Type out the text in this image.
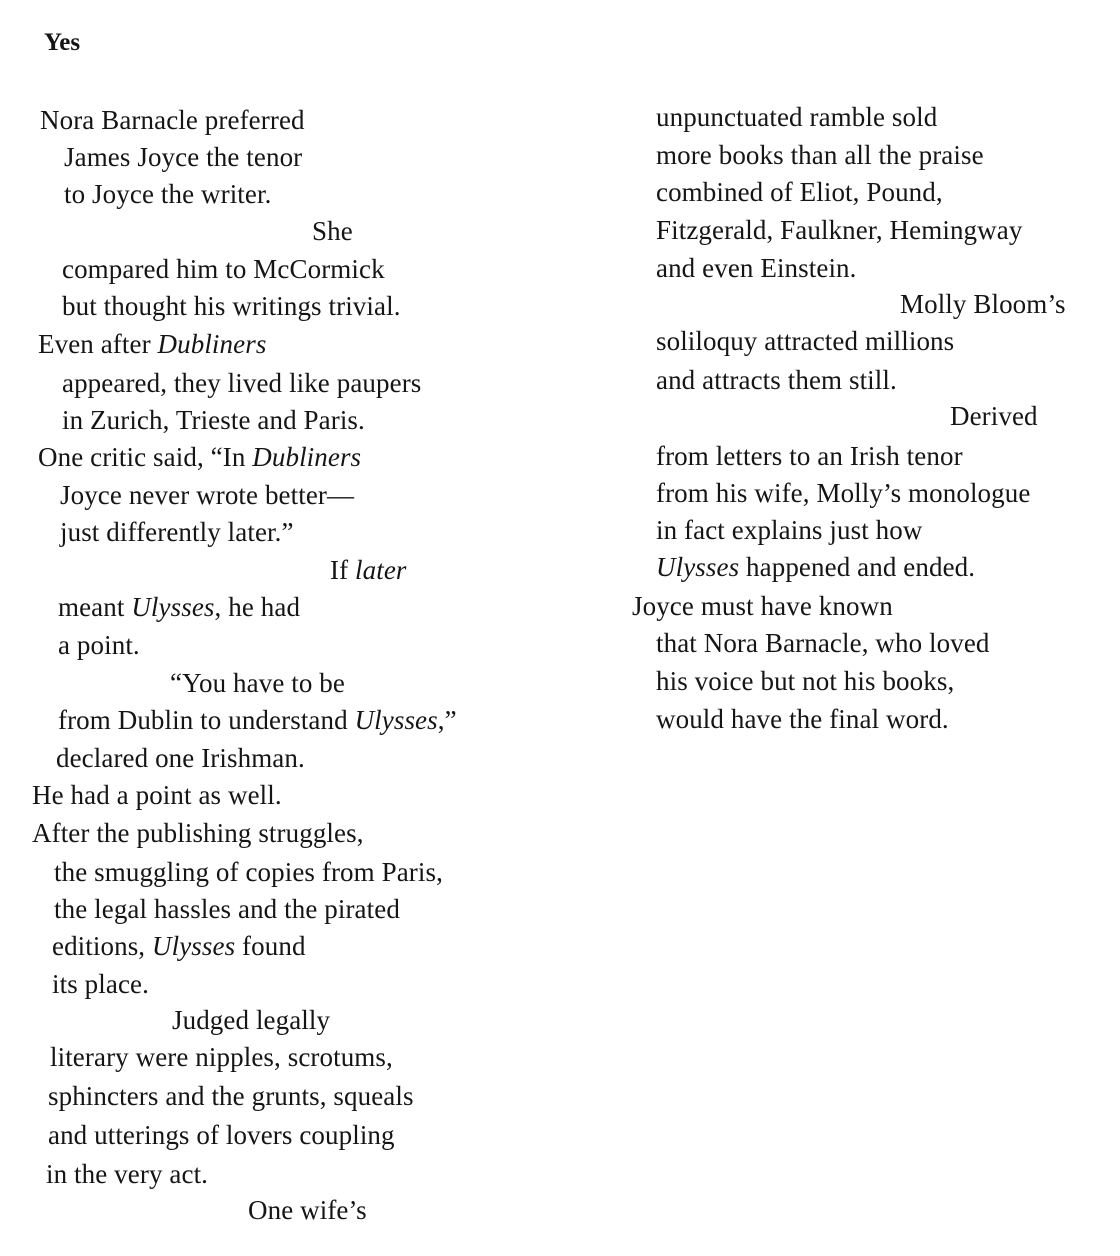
Yes
Nora Barnacle preferred
James Joyce the tenor
to Joyce the writer.
She
compared him to McCormick
but thought his writings trivial.
Even after Dubliners
appeared, they lived like paupers
in Zurich, Trieste and Paris.
One critic said, “In Dubliners
Joyce never wrote better—
just differently later.”
If later
meant Ulysses, he had
a point.
“You have to be
from Dublin to understand Ulysses,”
declared one Irishman.
He had a point as well.
After the publishing struggles,
the smuggling of copies from Paris,
the legal hassles and the pirated
editions, Ulysses found
its place.
Judged legally
literary were nipples, scrotums,
sphincters and the grunts, squeals
and utterings of lovers coupling
in the very act.
One wife’s
unpunctuated ramble sold
more books than all the praise
combined of Eliot, Pound,
Fitzgerald, Faulkner, Hemingway
and even Einstein.
Molly Bloom’s
soliloquy attracted millions
and attracts them still.
Derived
from letters to an Irish tenor
from his wife, Molly’s monologue
in fact explains just how
Ulysses happened and ended.
Joyce must have known
that Nora Barnacle, who loved
his voice but not his books,
would have the final word.
